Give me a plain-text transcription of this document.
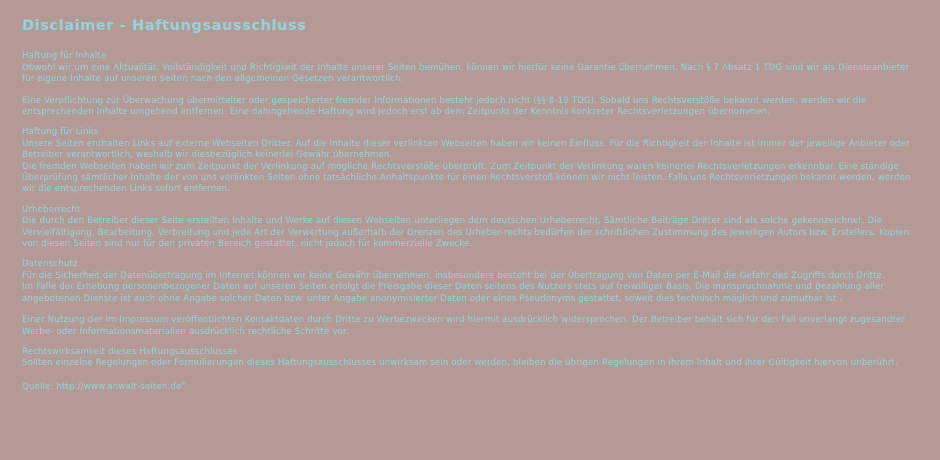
Disclaimer - Haftungsausschluss
Haftung für Inhalte

Obwohl wir um eine Aktualität, Vollständigkeit und Richtigkeit der Inhalte unserer Seiten bemühen, können wir hierfür keine Garantie übernehmen. Nach § 7 Absatz 1 TDG sind wir als Diensteanbieter für eigene Inhalte auf unseren Seiten nach den allgemeinen Gesetzen verantwortlich.

Eine Verpflichtung zur Überwachung übermittelter oder gespeicherter fremder Informationen besteht jedoch nicht (§§ 8-10 TDG). Sobald uns Rechtsverstöße bekannt werden, werden wir die entsprechenden Inhalte umgehend entfernen. Eine dahingehende Haftung wird jedoch erst ab dem Zeitpunkt der Kenntnis konkreter Rechtsverletzungen übernommen.

Haftung für Links

Unsere Seiten enthalten Links auf externe Webseiten Dritter. Auf die Inhalte dieser verlinkten Webseiten haben wir keinen Einfluss. Für die Richtigkeit der Inhalte ist immer der jeweilige Anbieter oder Betreiber verantwortlich, weshalb wir diesbezüglich keinerlei Gewähr übernehmen.

Die fremden Webseiten haben wir zum Zeitpunkt der Verlinkung auf mögliche Rechtsverstöße überprüft. Zum Zeitpunkt der Verlinkung waren keinerlei Rechtsverletzungen erkennbar. Eine ständige Überprüfung sämtlicher Inhalte der von uns verlinkten Seiten ohne tatsächliche Anhaltspunkte für einen Rechtsverstoß können wir nicht leisten. Falls uns Rechtsverletzungen bekannt werden, werden wir die entsprechenden Links sofort entfernen.

Urheberrecht

Die durch den Betreiber dieser Seite erstellten Inhalte und Werke auf diesen Webseiten unterliegen dem deutschen Urheberrecht. Sämtliche Beiträge Dritter sind als solche gekennzeichnet. Die Vervielfältigung, Bearbeitung, Verbreitung und jede Art der Verwertung außerhalb der Grenzen des Urheber-rechts bedürfen der schriftlichen Zustimmung des jeweiligen Autors bzw. Erstellers. Kopien von diesen Seiten sind nur für den privaten Bereich gestattet, nicht jedoch für kommerzielle Zwecke.

Datenschutz

Für die Sicherheit der Datenübertragung im Internet können wir keine Gewähr übernehmen, insbesondere besteht bei der Übertragung von Daten per E-Mail die Gefahr des Zugriffs durch Dritte.

Im Falle der Erhebung personenbezogener Daten auf unseren Seiten erfolgt die Preisgabe dieser Daten seitens des Nutzers stets auf freiwilliger Basis. Die Inanspruchnahme und Bezahlung aller angebotenen Dienste ist auch ohne Angabe solcher Daten bzw. unter Angabe anonymisierter Daten oder eines Pseudonyms gestattet, soweit dies technisch möglich und zumutbar ist .

Einer Nutzung der im Impressum veröffentlichten Kontaktdaten durch Dritte zu Werbezwecken wird hiermit ausdrücklich widersprochen. Der Betreiber behält sich für den Fall unverlangt zugesandter Werbe- oder Informationsmaterialien ausdrücklich rechtliche Schritte vor.

Rechtswirksamkeit dieses Haftungsausschlusses

Sollten einzelne Regelungen oder Formulierungen dieses Haftungsausschlusses unwirksam sein oder werden, bleiben die übrigen Regelungen in ihrem Inhalt und ihrer Gültigkeit hiervon unberührt.

Quelle: http://www.anwalt-seiten.de"
